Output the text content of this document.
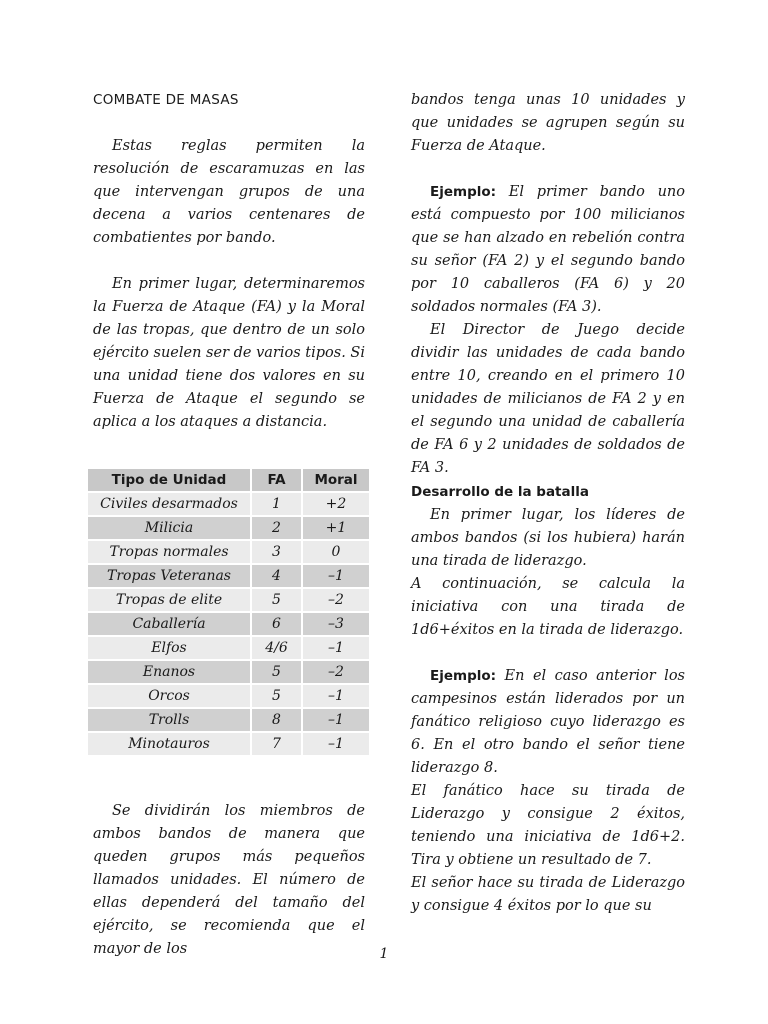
COMBATE DE MASAS

Estas reglas permiten la resolución de escaramuzas en las que intervengan grupos de una decena a varios centenares de combatientes por bando.

En primer lugar, determinaremos la Fuerza de Ataque (FA) y la Moral de las tropas, que dentro de un solo ejército suelen ser de varios tipos. Si una unidad tiene dos valores en su Fuerza de Ataque el segundo se aplica a los ataques a distancia.

Se dividirán los miembros de ambos bandos de manera que queden grupos más pequeños llamados unidades. El número de ellas dependerá del tamaño del ejército, se recomienda que el mayor de los

Tipo de Unidad	FA	Moral
Civiles desarmados	1	+2
Milicia	2	+1
Tropas normales	3	0
Tropas Veteranas	4	–1
Tropas de elite	5	–2
Caballería	6	–3
Elfos	4/6	–1
Enanos	5	–2
Orcos	5	–1
Trolls	8	–1
Minotauros	7	–1

bandos tenga unas 10 unidades y que unidades se agrupen según su Fuerza de Ataque.

Ejemplo: El primer bando uno está compuesto por 100 milicianos que se han alzado en rebelión contra su señor (FA 2) y el segundo bando por 10 caballeros (FA 6) y 20 soldados normales (FA 3).

El Director de Juego decide dividir las unidades de cada bando entre 10, creando en el primero 10 unidades de milicianos de FA 2 y en el segundo una unidad de caballería de FA 6 y 2 unidades de soldados de FA 3.

Desarrollo de la batalla

En primer lugar, los líderes de ambos bandos (si los hubiera) harán una tirada de liderazgo.

A continuación, se calcula la iniciativa con una tirada de 1d6+éxitos en la tirada de liderazgo.

Ejemplo: En el caso anterior los campesinos están liderados por un fanático religioso cuyo liderazgo es 6. En el otro bando el señor tiene liderazgo 8.

El fanático hace su tirada de Liderazgo y consigue 2 éxitos, teniendo una iniciativa de 1d6+2. Tira y obtiene un resultado de 7.

El señor hace su tirada de Liderazgo y consigue 4 éxitos por lo que su

1
